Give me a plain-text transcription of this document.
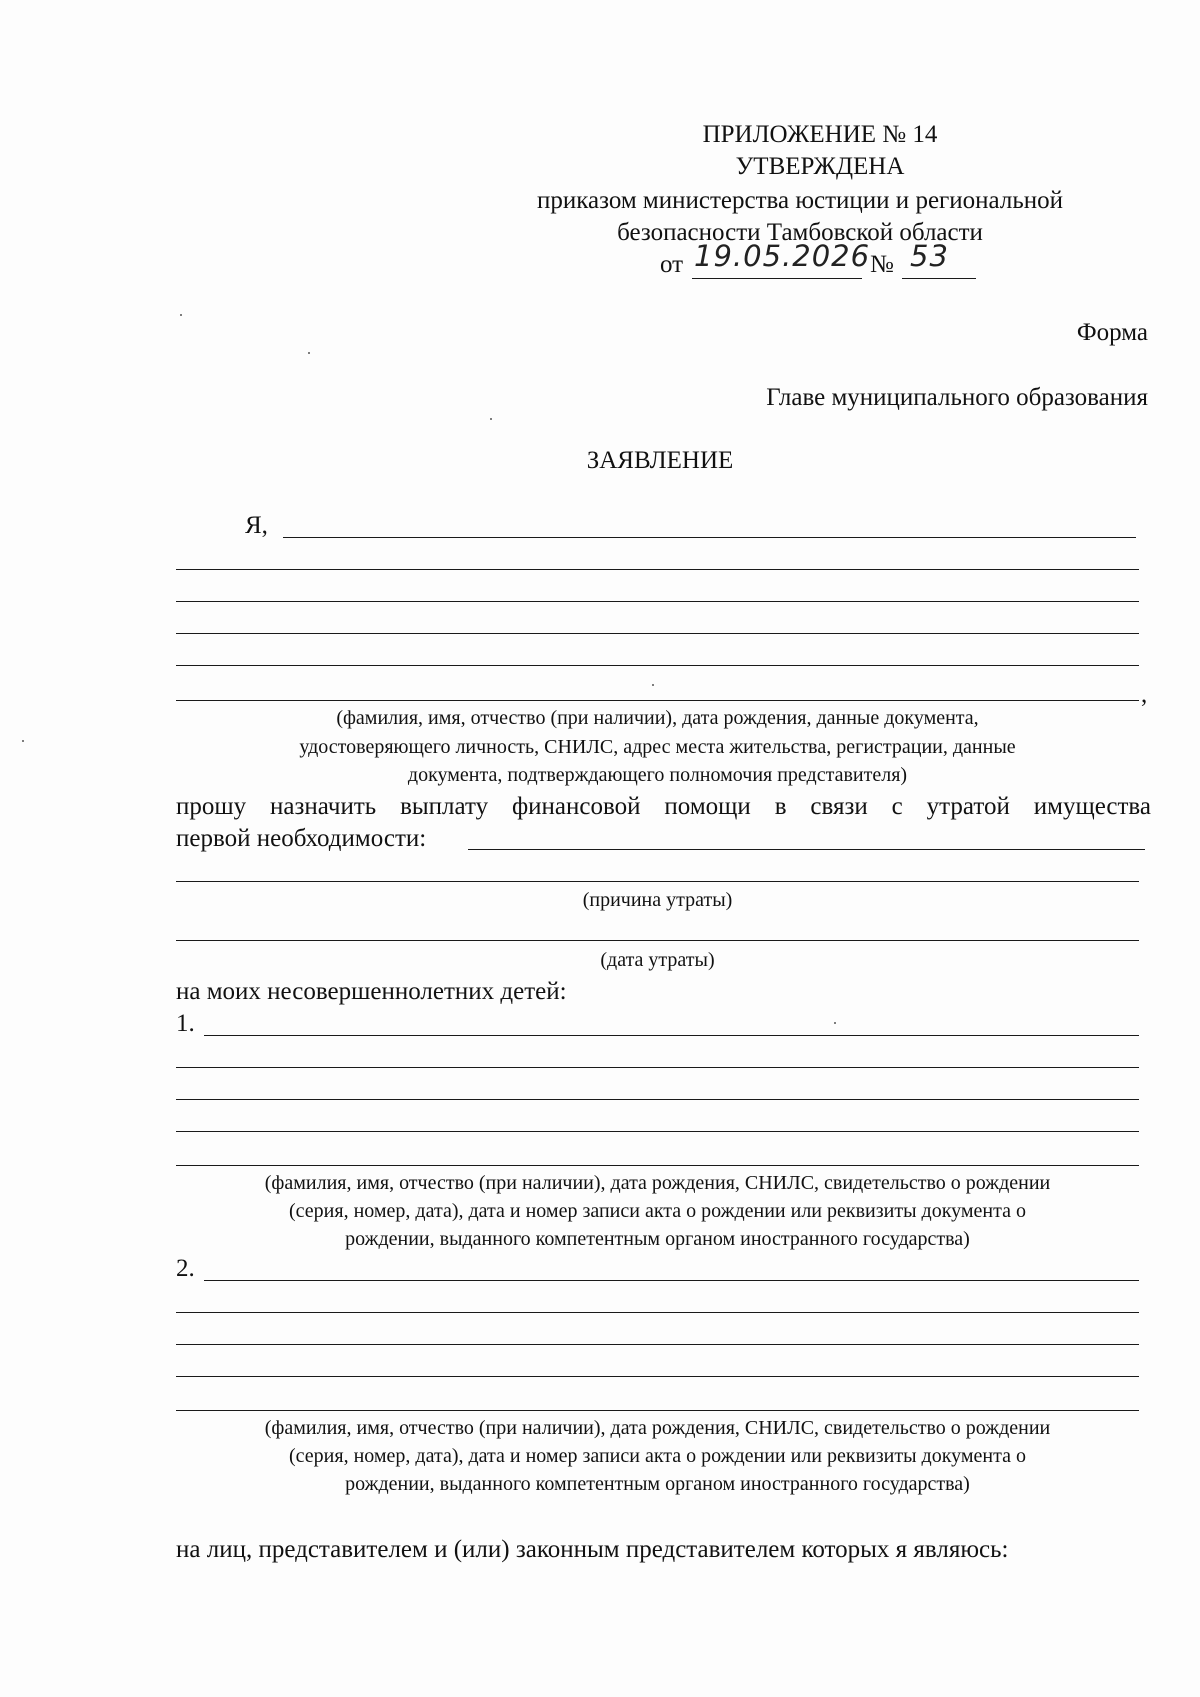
ПРИЛОЖЕНИЕ № 14
УТВЕРЖДЕНА
приказом министерства юстиции и региональной
безопасности Тамбовской области
от 19.05.2026 № 53
Форма
Главе муниципального образования
ЗАЯВЛЕНИЕ
Я,
,
(фамилия, имя, отчество (при наличии), дата рождения, данные документа,
удостоверяющего личность, СНИЛС, адрес места жительства, регистрации, данные
документа, подтверждающего полномочия представителя)
прошу назначить выплату финансовой помощи в связи с утратой имущества
первой необходимости:
(причина утраты)
(дата утраты)
на моих несовершеннолетних детей:
1.
(фамилия, имя, отчество (при наличии), дата рождения, СНИЛС, свидетельство о рождении
(серия, номер, дата), дата и номер записи акта о рождении или реквизиты документа о
рождении, выданного компетентным органом иностранного государства)
2.
(фамилия, имя, отчество (при наличии), дата рождения, СНИЛС, свидетельство о рождении
(серия, номер, дата), дата и номер записи акта о рождении или реквизиты документа о
рождении, выданного компетентным органом иностранного государства)
на лиц, представителем и (или) законным представителем которых я являюсь:
